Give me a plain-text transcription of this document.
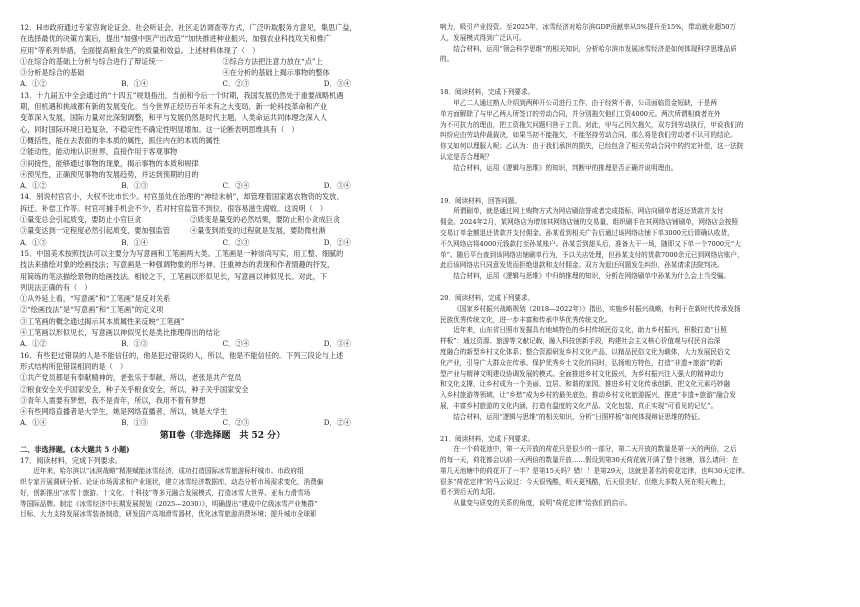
12．H市政府通过专家咨询论证会、社会听证会、社区走访调查等方式，广泛听取服务方意见，集思广益，

在选择最优的决策方案后，提出“加强中医产出改造”“加快推进种业振兴，加强农业科技攻关和推广

应用”等系列举措，全面提高粮食生产的质量和效益。上述材料体现了（　）

①在综合的基础上分析与综合进行了辩证统一	②综合方法把注意力放在“点”上
③分析是综合的基础	④在分析的基础上揭示事物的整体
A．①②	B．①④	C．②③	D．③④

13．十九届五中全会通过的“十四五”规划指出，当前和今后一个时期，我国发展仍然处于重要战略机遇

期，但机遇和挑战都有新的发展变化。当今世界正经历百年未有之大变局，新一轮科技革命和产业

变革深入发展，国际力量对比深刻调整，和平与发展仍然是时代主题，人类命运共同体理念深入人

心，同时国际环境日趋复杂，不稳定性不确定性明显增加。这一论断表明思维具有（　）

①概括性，能在去表面的非本质的属性，抓住内在的本质的属性

②能动性，能动地认识世界，直接作用于客观事物

③间接性，能够通过事物的现象，揭示事物的本质和规律

④预见性，正确预见事物的发展趋势，并达到预期的目的

A．①②	B．①③	C．②④	D．③④

14．别说村官官小，大权不比市长少。村官虽处在治理的“神经末梢”，却管理着国家惠农物资的发放、

拆迁、补偿工作等。村官可捕手机会不少，若对村官监管不到位，很容易滋生腐败。这说明（　）

①量变总会引起质变，要防止小官巨贪	②质变是量变的必然结果，要防止积小贪成巨贪
③量变达到一定程度必然引起质变，要加强监管	④量变到质变的过程就是发展，要防微杜渐
A．①③	B．①④	C．②③	D．②④

15．中国美术按照技法可以主要分为写意画和工笔画两大类。工笔画是一种崇尚写实，用工整、细腻的

技法来描绘对象的绘画技法；写意画是一种强调物象的形与神、注重神态的表现和作者情趣的抒发，

用简练的笔法描绘景物的绘画技法。相较之下，工笔画以形似见长，写意画以神似见长。对此，下

列说法正确的有（　）

①从外延上看，“写意画”和“工笔画”是反对关系

②“绘画技法”是“写意画”和“工笔画”的定义项

③工笔画的概念通过揭示其本质属性来反映“工笔画”

④工笔画以形似见长，写意画以神似见长是类比推理得出的结论

A．①②	B．①③	C．②④	D．③④

16．有些犯过错误的人是不能信任的，他是犯过错误的人，所以，他是不能信任的。下列三段论与上述

形式结构所犯错误相同的是（　）

①共产党员都是有奉献精神的，老张乐于奉献，所以，老张是共产党员

②粮食安全关乎国家安全，种子关乎粮食安全，所以，种子关乎国家安全

③青年人需要有梦想，我不是青年，所以，我用不着有梦想

④有些网络直播者是大学生，姚是网络直播者，所以，姚是大学生

A．①④	B．①③	C．②③	D．②④
第Ⅱ卷（非选择题　共 52 分）

二、非选择题。(本大题共 5 小题)

17．阅读材料，完成下列要求。

近年来，哈尔滨以“冰滨战略”精准赋能冰雪经济，成功打造国际冰雪旅游标杆城市。市政府组

织专家开展调研分析、论证市场需求和产业现状，建立冰雪经济数据库，动态分析市场需求变化，消费偏

好，创新推出“冰雪十旅游、十文化、十科技”等多元融合发展模式，打造冰雪大世界、亚布力滑雪场

等国际品牌。制定《冰雪经济中长期发展规划（2025—2030）》，明确提出“建成中亿级冰雪产业集群”

目标，大力支持发展冰雪装备制造，研发国产高端滑雪器材，优化冰雪旅游消费环境；提升城市全球影

响力，吸引产业投资。至2025年，冰雪经济对哈尔滨GDP贡献率从5%提升至15%，带动就业超50万

人，发展模式得到广泛认可。

结合材料，运用“领会科学思维”的相关知识，分析哈尔滨市发展冰雪经济是如何体现科学思维品质

的。

18．阅读材料，完成下列要求。

甲乙二人通过熟人介绍到两种开公司进行工作，由于经营不善，公司面临资金短缺，于是两

单方面解除了与甲乙两人所签订的劳动合同，并分别拖欠他们工资4000元。两次所谓相商者在外

为不可抗力的理由，把工资拖欠问题归咎于工资。对此，甲与乙因欠拖欠，双方到劳动执行，甲说我们的

纠纷应由劳动仲裁裁决，如果当初不能拖欠，不能坚持劳动合同，那么将是我们劳动者不认可的结论。

你又如何以理服人呢；乙认为：由于我们承担的损失，已经包含了相关劳动合同中的约定补偿，这一法院

认定是否合理呢？

结合材料，运用《逻辑与思维》的知识，判断甲的推理是否正确并说明理由。

19．阅读材料，回答问题。

所谓刷单，就是通过网上购物方式为网店刷信誉或者完成指标，网店向刷单者返还货款并支付

佣金。2024年2月，某网络店为增加其网络店铺的交易量，组织刷手在其网络店铺刷单，网络店会按照

交易订单金额退还货款并支付佣金。孙某看到相关广告后通过该网络店铺下单3000元后即确认收货，

不久网络店将4000元钱款打至孙某账户。孙某尝到甜头后，准备大干一场，随即又下单一个7000元“大

单”。随后平台查到该网络店铺刷单行为，予以关店处理，但孙某支付的货款7000余元已到网络店账户，

此后该网络店只同意发货而拒绝退款和支付佣金。双方为退还问题发生纠纷，孙某请求法院判决。

结合材料，运用《逻辑与思维》中归纳推理的知识，分析在网络刷单中孙某为什么会上当受骗。

20．阅读材料，完成下列要求。

《国家乡村振兴战略规划（2018—2022年）》指出，实施乡村振兴战略，有利于在新时代传承发扬

民族优秀传统文化，进一步丰富和传承中华优秀传统文化。

近年来，山东省日照市发掘具有地域特色的乡村传统民俗文化，助力乡村振兴，积极打造“日照

样板”：通过资源、旅游等文献记载，融入科技创新手段，构建社会主义核心价值观与村民自治深

度融合的新型乡村文化体系；整合资源研发乡村文化产品，以精品民俗文化为载体，大力发展民俗文

化产业，引导广大群众在传承、保护优秀乡土文化的同时，弘扬地方特色，打造“非遗+旅游”的新

型产业与精神文明建设协调发展的模式。全面推进乡村文化振兴，为乡村振兴注入强大的精神动力

和文化支撑，让乡村成为一个美丽、宜居、和谐的家园。推进乡村文化传承创新，把文化元素巧妙融

入乡村旅游等领域，让“乡愁”成为乡村的最美底色，推动乡村文化旅游振兴，推进“非遗+旅游”融合发

展，丰富乡村旅游的文化内涵，打造有温度的文化产品、文化包装，真正实现“可看见的记忆”。

结合材料，运用“逻辑与思维”的相关知识，分析“日照样板”如何体现辩证思维的特征。

21．阅读材料，完成下列要求。

在一个荷花池中，第一天开放的荷花只是很少的一部分，第二天开放的数量是第一天的两倍，之后

的每一天，荷花都会以前一天两倍的数量开放……假设到第30天荷花就开满了整个池塘，那么请问：在

第几天池塘中的荷花开了一半？是第15天吗？错！！是第29天，这就是著名的荷花定律，也叫30天定律。

很多“荷花定律”的马云说过：今天很残酷，明天更残酷，后天很美好，但绝大多数人死在明天晚上，

看不到后天的太阳。

从量变与质变的关系的角度，说明“荷花定律”给我们的启示。
